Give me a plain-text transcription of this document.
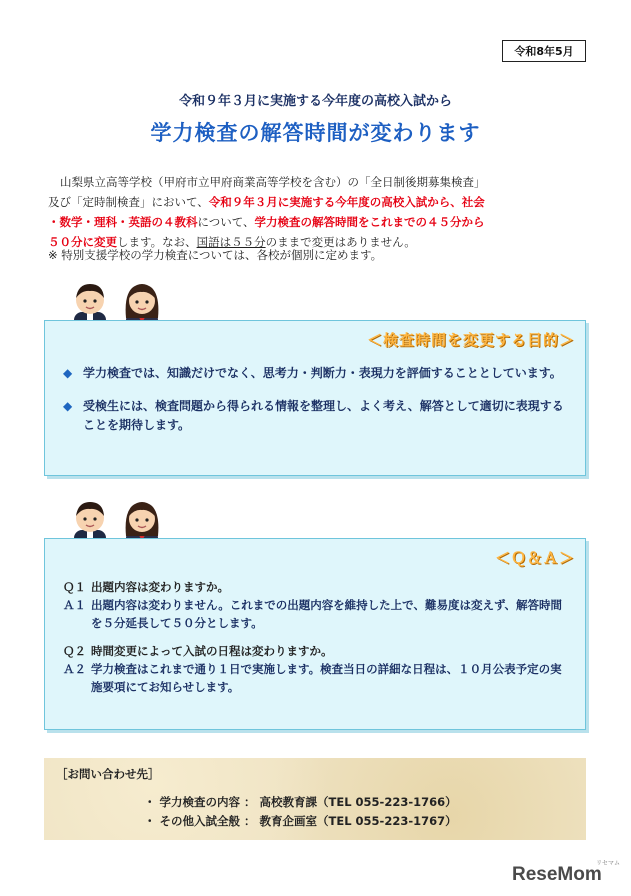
令和8年5月
令和９年３月に実施する今年度の高校入試から
学力検査の解答時間が変わります
山梨県立高等学校（甲府市立甲府商業高等学校を含む）の「全日制後期募集検査」
及び「定時制検査」において、令和９年３月に実施する今年度の高校入試から、社会
・数学・理科・英語の４教科について、学力検査の解答時間をこれまでの４５分から
５０分に変更します。なお、国語は５５分のままで変更はありません。
※ 特別支援学校の学力検査については、各校が個別に定めます。
＜検査時間を変更する目的＞
◆ 学力検査では、知識だけでなく、思考力・判断力・表現力を評価することとしています。
◆ 受検生には、検査問題から得られる情報を整理し、よく考え、解答として適切に表現することを期待します。
＜Ｑ＆Ａ＞
Ｑ１ 出題内容は変わりますか。
Ａ１ 出題内容は変わりません。これまでの出題内容を維持した上で、難易度は変えず、解答時間を５分延長して５０分とします。
Ｑ２ 時間変更によって入試の日程は変わりますか。
Ａ２ 学力検査はこれまで通り１日で実施します。検査当日の詳細な日程は、１０月公表予定の実施要項にてお知らせします。
［お問い合わせ先］
・ 学力検査の内容 ： 高校教育課（TEL 055-223-1766）
・ その他入試全般 ： 教育企画室（TEL 055-223-1767）
ReseMom
リセマム
